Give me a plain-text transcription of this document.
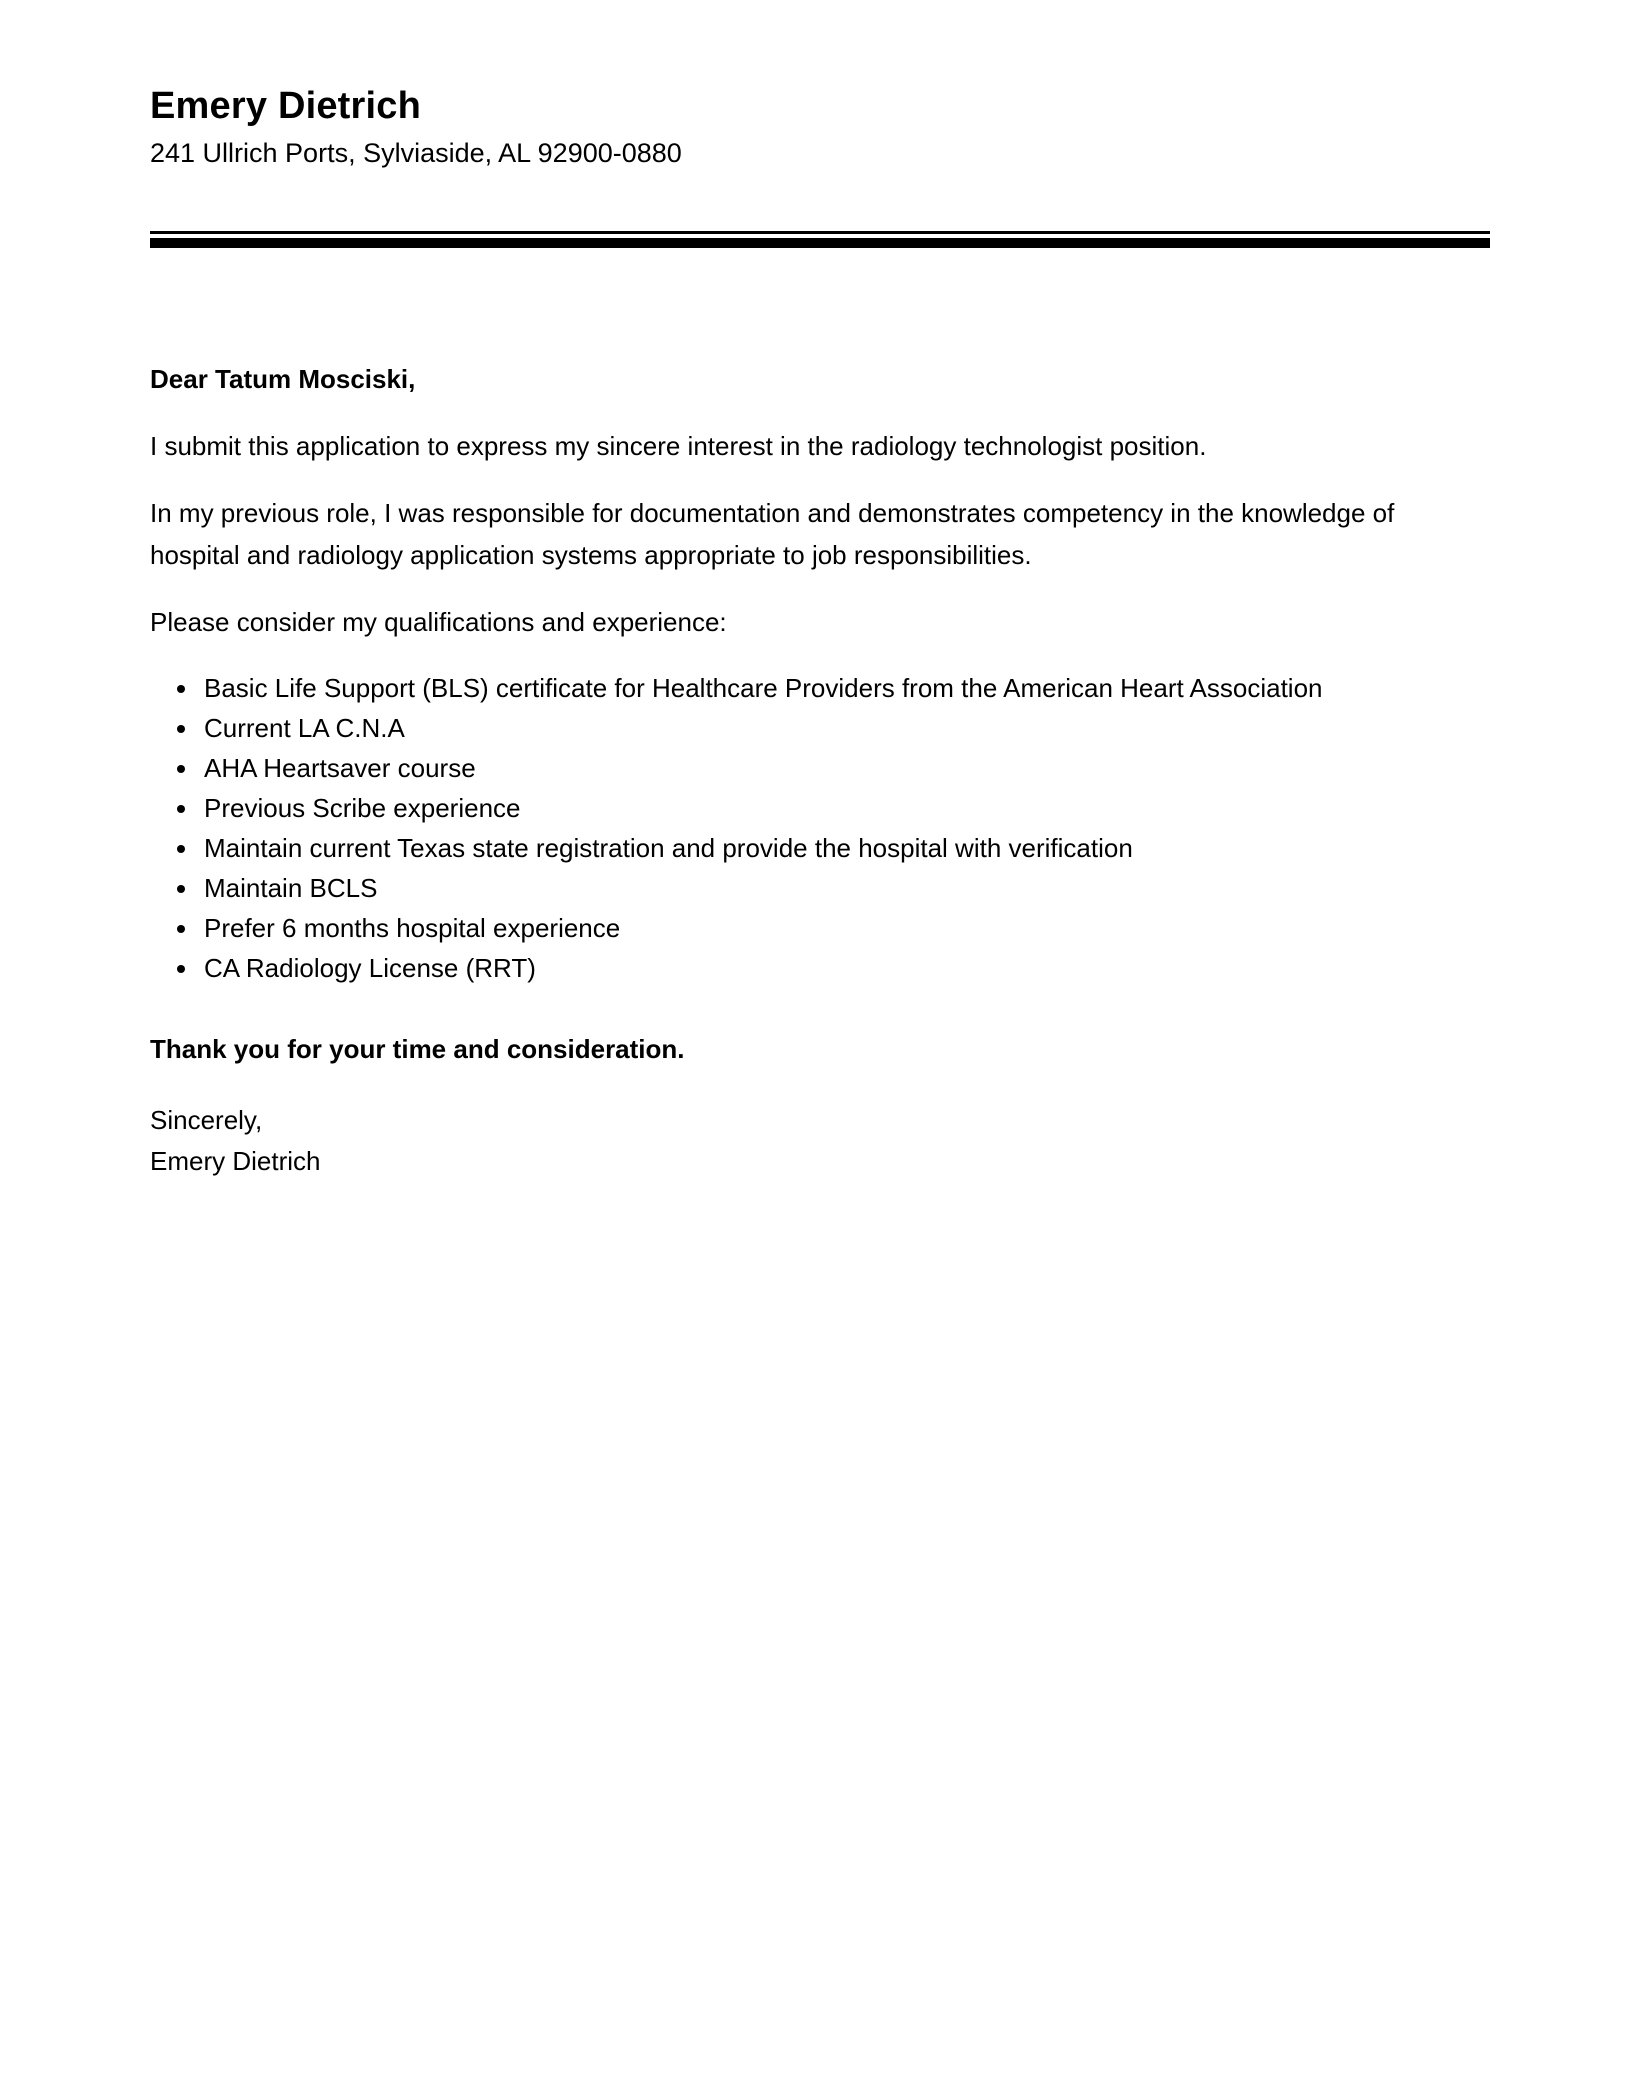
Emery Dietrich
241 Ullrich Ports, Sylviaside, AL 92900-0880
Dear Tatum Mosciski,
I submit this application to express my sincere interest in the radiology technologist position.
In my previous role, I was responsible for documentation and demonstrates competency in the knowledge of hospital and radiology application systems appropriate to job responsibilities.
Please consider my qualifications and experience:
• Basic Life Support (BLS) certificate for Healthcare Providers from the American Heart Association
• Current LA C.N.A
• AHA Heartsaver course
• Previous Scribe experience
• Maintain current Texas state registration and provide the hospital with verification
• Maintain BCLS
• Prefer 6 months hospital experience
• CA Radiology License (RRT)
Thank you for your time and consideration.
Sincerely,
Emery Dietrich
